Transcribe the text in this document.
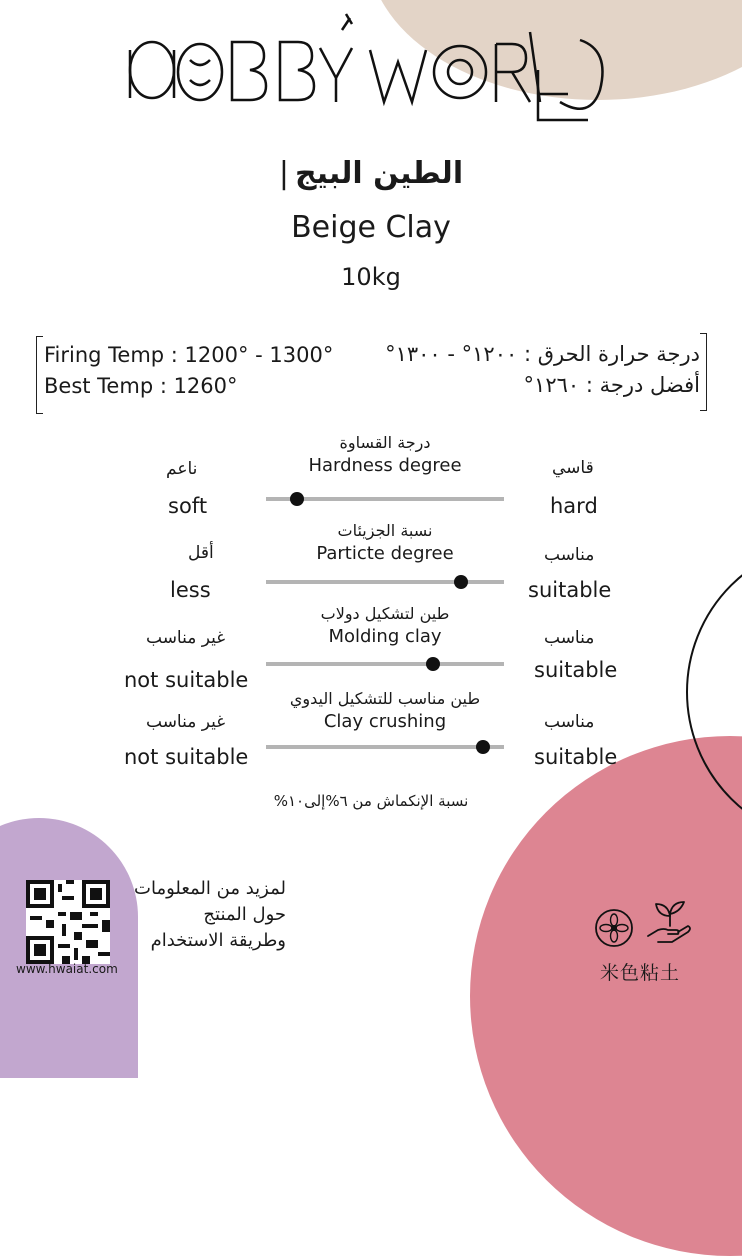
HOBBY WORLD
الطين البيج|
Beige Clay
10kg
Firing Temp : 1200° - 1300°
Best Temp : 1260°
درجة حرارة الحرق : ١٢٠٠° - ١٣٠٠°
أفضل درجة : ١٢٦٠°
درجة القساوة
Hardness degree
ناعم
soft
قاسي
hard
نسبة الجزيئات
Particte degree
أقل
less
مناسب
suitable
طين لتشكيل دولاب
Molding clay
غير مناسب
not suitable
مناسب
suitable
طين مناسب للتشكيل اليدوي
Clay crushing
غير مناسب
not suitable
مناسب
suitable
نسبة الإنكماش من ٦%إلى١٠%
لمزيد من المعلومات
حول المنتج
وطريقة الاستخدام
www.hwaiat.com	米色粘土
